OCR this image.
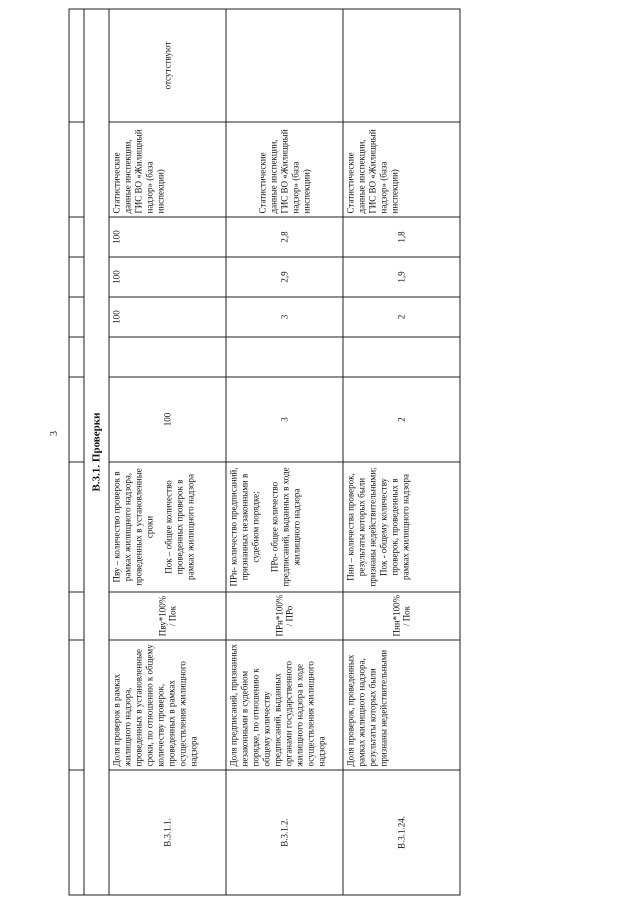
3
											В.3.1. Проверки										
В.3.1.1.	Доля проверок в рамках жилищного надзора, проведенных в установленные сроки, по отношению к общему количеству проверок, проведенных в рамках осуществления жилищного надзора	Пву*100% / Пок	Пву – количество проверок в рамках жилищного надзора, проведенных в установленные сроки Пок – общее количество проведенных проверок в рамках жилищного надзора	100		100	100	100	Статистические данные инспекции, ГИС ВО «Жилищный надзор» (база инспекции)	отсутствуют
В.3.1.2.	Доля предписаний, признанных незаконными в судебном порядке, по отношению к общему количеству предписаний, выданных органами государственного жилищного надзора в ходе осуществления жилищного надзора	ПРн*100% / ПРо	ПРн- количество предписаний, признанных незаконными в судебном порядке; ПРо- общее количество предписаний, выданных в ходе жилищного надзора	3		3	2,9	2,8	Статистические данные инспекции, ГИС ВО «Жилищный надзор» (база инспекции)	
В.3.1.24.	Доля проверок, проведенных рамках жилищного надзора, результаты которых были признаны недействительными	Пнн*100% / Пок	Пнн – количества проверок, результаты которых были признаны недействительными; Пок - общему количеству проверок, проведенных в рамках жилищного надзора	2		2	1,9	1,8	Статистические данные инспекции, ГИС ВО «Жилищный надзор» (база инспекции)	
